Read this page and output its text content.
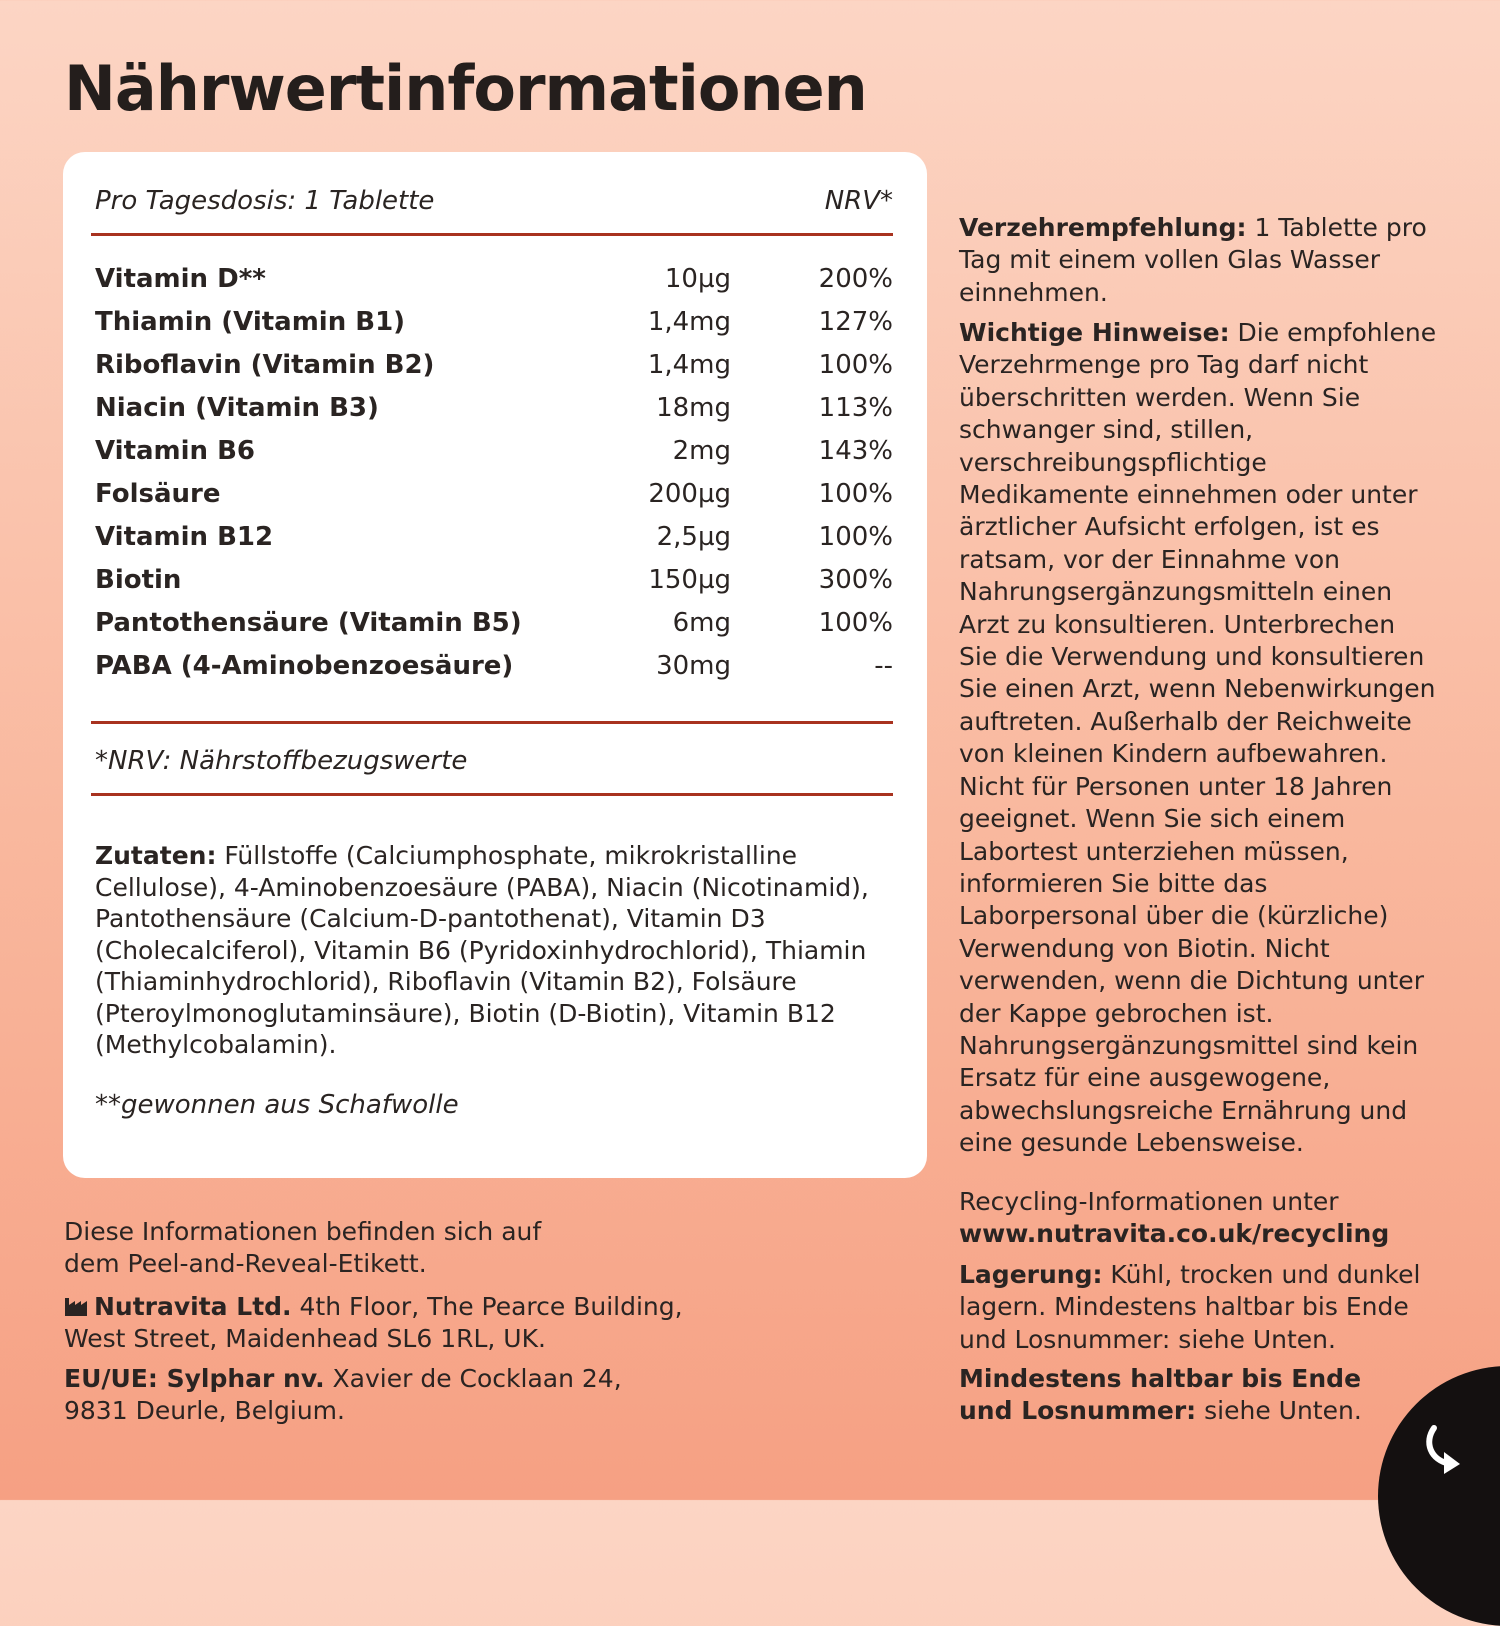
Nährwertinformationen
Pro Tagesdosis: 1 Tablette	NRV*
Vitamin D**	10µg	200%
Thiamin (Vitamin B1)	1,4mg	127%
Riboflavin (Vitamin B2)	1,4mg	100%
Niacin (Vitamin B3)	18mg	113%
Vitamin B6	2mg	143%
Folsäure	200µg	100%
Vitamin B12	2,5µg	100%
Biotin	150µg	300%
Pantothensäure (Vitamin B5)	6mg	100%
PABA (4-Aminobenzoesäure)	30mg	--
*NRV: Nährstoffbezugswerte
Zutaten: Füllstoffe (Calciumphosphate, mikrokristalline Cellulose), 4-Aminobenzoesäure (PABA), Niacin (Nicotinamid), Pantothensäure (Calcium-D-pantothenat), Vitamin D3 (Cholecalciferol), Vitamin B6 (Pyridoxinhydrochlorid), Thiamin (Thiaminhydrochlorid), Riboflavin (Vitamin B2), Folsäure (Pteroylmonoglutaminsäure), Biotin (D-Biotin), Vitamin B12 (Methylcobalamin).
**gewonnen aus Schafwolle
Verzehrempfehlung: 1 Tablette pro Tag mit einem vollen Glas Wasser einnehmen.
Wichtige Hinweise: Die empfohlene Verzehrmenge pro Tag darf nicht überschritten werden. Wenn Sie schwanger sind, stillen, verschreibungspflichtige Medikamente einnehmen oder unter ärztlicher Aufsicht erfolgen, ist es ratsam, vor der Einnahme von Nahrungsergänzungsmitteln einen Arzt zu konsultieren. Unterbrechen Sie die Verwendung und konsultieren Sie einen Arzt, wenn Nebenwirkungen auftreten. Außerhalb der Reichweite von kleinen Kindern aufbewahren. Nicht für Personen unter 18 Jahren geeignet. Wenn Sie sich einem Labortest unterziehen müssen, informieren Sie bitte das Laborpersonal über die (kürzliche) Verwendung von Biotin. Nicht verwenden, wenn die Dichtung unter der Kappe gebrochen ist. Nahrungsergänzungsmittel sind kein Ersatz für eine ausgewogene, abwechslungsreiche Ernährung und eine gesunde Lebensweise.
Recycling-Informationen unter
www.nutravita.co.uk/recycling
Lagerung: Kühl, trocken und dunkel lagern. Mindestens haltbar bis Ende und Losnummer: siehe Unten.
Mindestens haltbar bis Ende und Losnummer: siehe Unten.
Diese Informationen befinden sich auf dem Peel-and-Reveal-Etikett.
Nutravita Ltd. 4th Floor, The Pearce Building, West Street, Maidenhead SL6 1RL, UK.
EU/UE: Sylphar nv. Xavier de Cocklaan 24, 9831 Deurle, Belgium.
